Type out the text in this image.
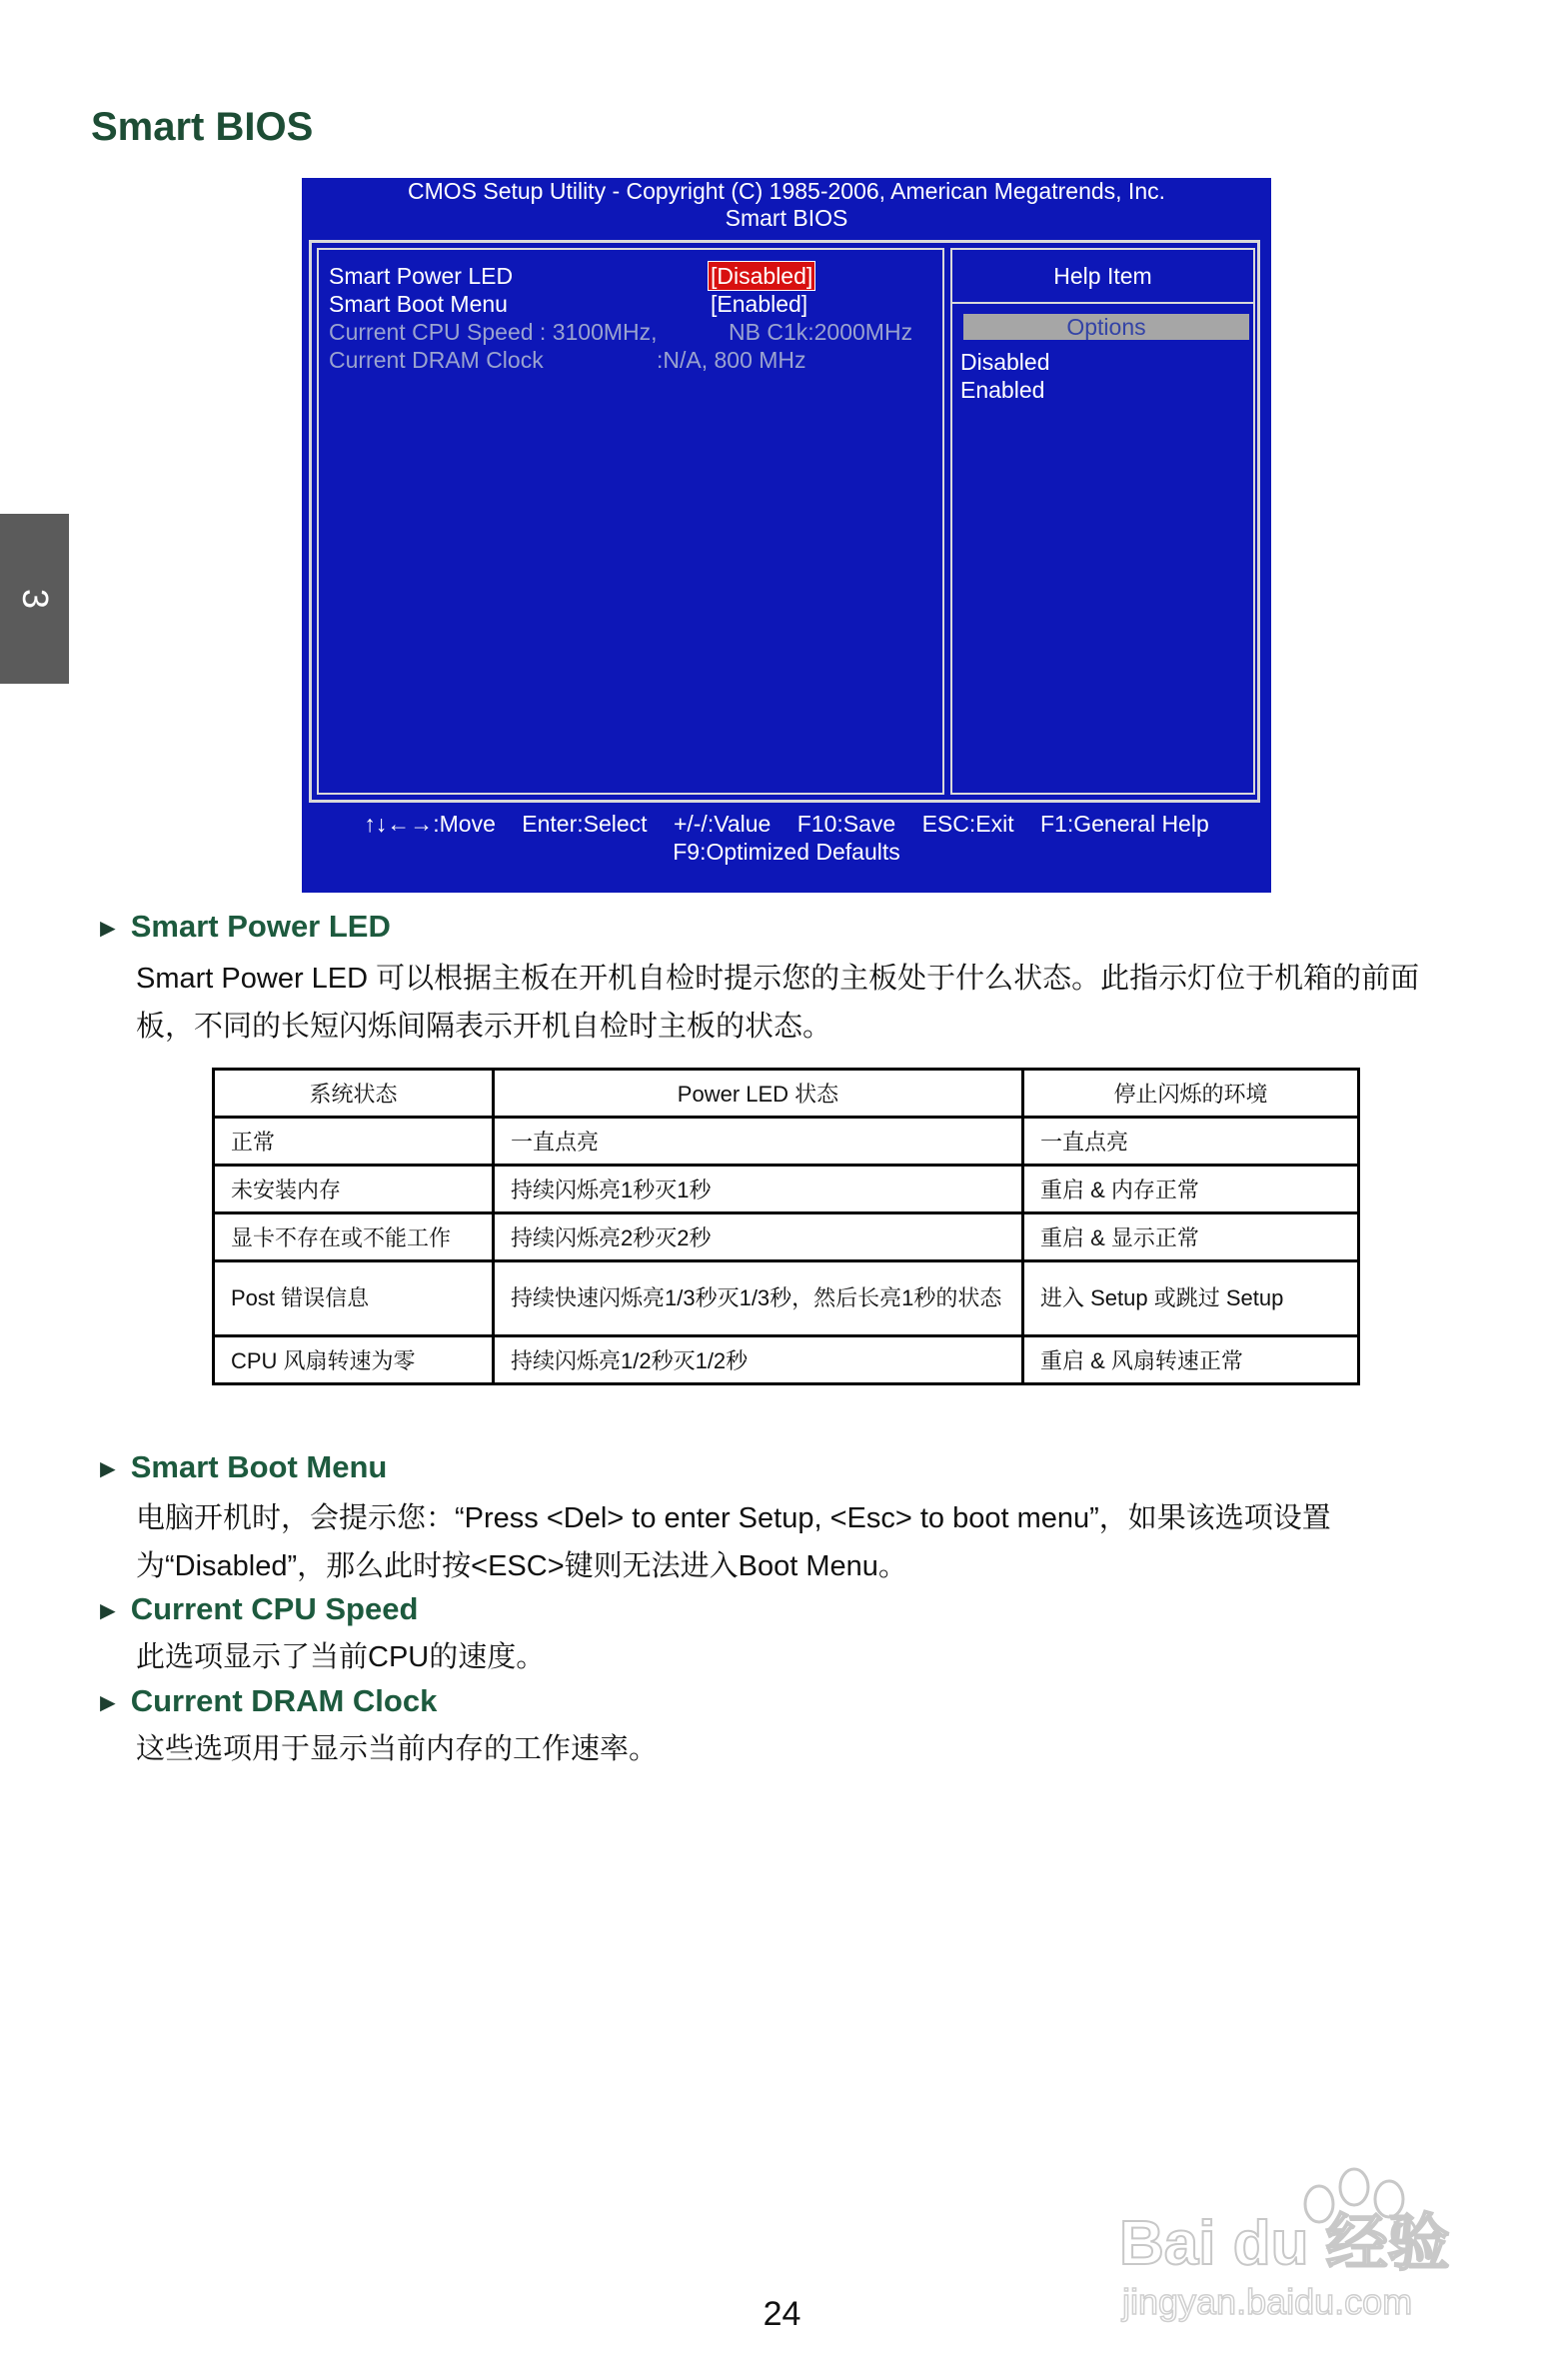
Smart BIOS
3
CMOS Setup Utility - Copyright (C) 1985-2006, American Megatrends, Inc.
Smart BIOS
Smart Power LED	[Disabled]
Smart Boot Menu	[Enabled]
Current CPU Speed : 3100MHz,	NB C1k:2000MHz
Current DRAM Clock	:N/A, 800 MHz
Help Item
Options
Disabled
Enabled
↑↓←→:Move Enter:Select +/-/:Value F10:Save ESC:Exit F1:General Help
F9:Optimized Defaults
► Smart Power LED
Smart Power LED 可以根据主板在开机自检时提示您的主板处于什么状态。此指示灯位于机箱的前面板，不同的长短闪烁间隔表示开机自检时主板的状态。
系统状态	Power LED 状态	停止闪烁的环境
正常	一直点亮	一直点亮
未安装内存	持续闪烁亮1秒灭1秒	重启 & 内存正常
显卡不存在或不能工作	持续闪烁亮2秒灭2秒	重启 & 显示正常
Post 错误信息	持续快速闪烁亮1/3秒灭1/3秒，然后长亮1秒的状态	进入 Setup 或跳过 Setup
CPU 风扇转速为零	持续闪烁亮1/2秒灭1/2秒	重启 & 风扇转速正常
► Smart Boot Menu
电脑开机时，会提示您：“Press <Del> to enter Setup, <Esc> to boot menu”，如果该选项设置为“Disabled”，那么此时按<ESC>键则无法进入Boot Menu。
► Current CPU Speed
此选项显示了当前CPU的速度。
► Current DRAM Clock
这些选项用于显示当前内存的工作速率。
24
Bai du 经验
jingyan.baidu.com
